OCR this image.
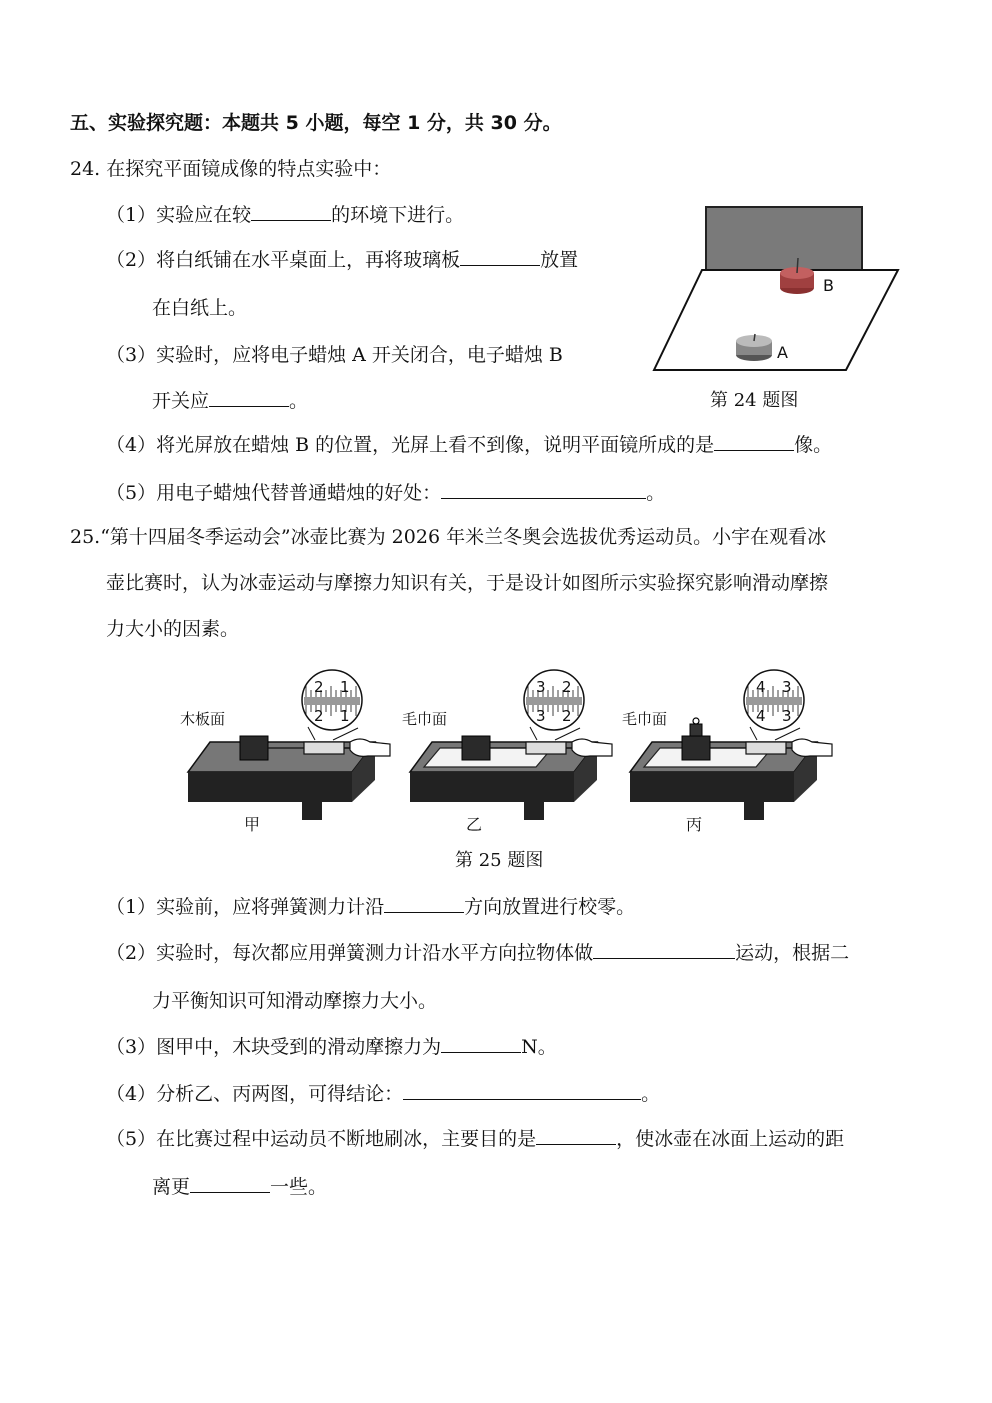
五、实验探究题：本题共 5 小题，每空 1 分，共 30 分。
24. 在探究平面镜成像的特点实验中：
（1）实验应在较	的环境下进行。
（2）将白纸铺在水平桌面上，再将玻璃板	放置
在白纸上。
（3）实验时，应将电子蜡烛 A 开关闭合，电子蜡烛 B
开关应	。
（4）将光屏放在蜡烛 B 的位置，光屏上看不到像，说明平面镜所成的是	像。
（5）用电子蜡烛代替普通蜡烛的好处：	。
B
A
第 24 题图
25.“第十四届冬季运动会”冰壶比赛为 2026 年米兰冬奥会选拔优秀运动员。小宇在观看冰
壶比赛时，认为冰壶运动与摩擦力知识有关，于是设计如图所示实验探究影响滑动摩擦
力大小的因素。
2 1
2 1
木板面
甲
3 2
3 2
毛巾面
乙
4 3
4 3
毛巾面
丙
第 25 题图
（1）实验前，应将弹簧测力计沿	方向放置进行校零。
（2）实验时，每次都应用弹簧测力计沿水平方向拉物体做	运动，根据二
力平衡知识可知滑动摩擦力大小。
（3）图甲中，木块受到的滑动摩擦力为	N。
（4）分析乙、丙两图，可得结论：	。
（5）在比赛过程中运动员不断地刷冰，主要目的是	，使冰壶在冰面上运动的距
离更	一些。
